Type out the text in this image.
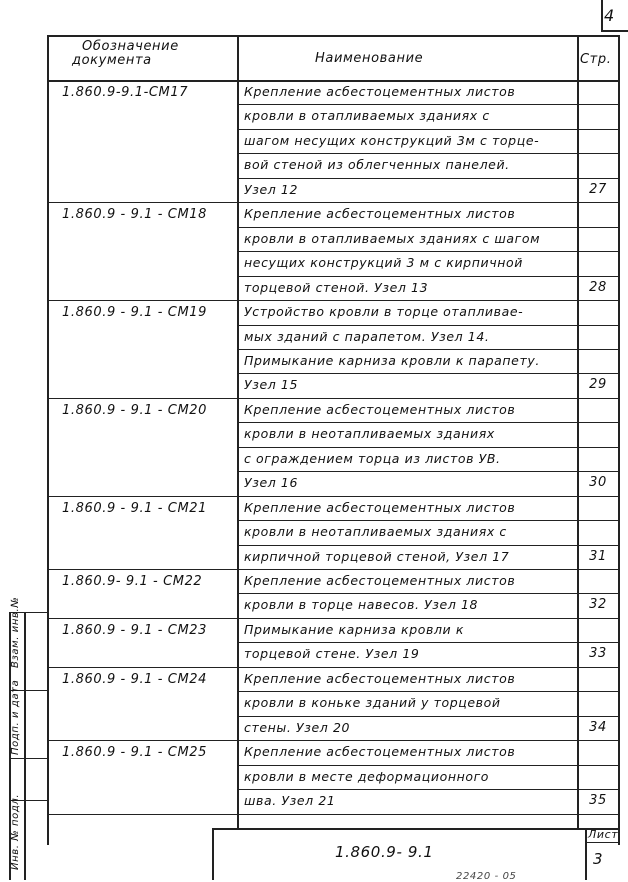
4
Обозначение
документа	Наименование	Стр.
1.860.9-9.1-СМ17	Крепление асбестоцементных листов
кровли в отапливаемых зданиях с
шагом несущих конструкций 3м с торце-
вой стеной из облегченных панелей.
Узел 12	27
1.860.9 - 9.1 - СМ18	Крепление асбестоцементных листов
кровли в отапливаемых зданиях с шагом
несущих конструкций 3 м с кирпичной
торцевой стеной. Узел 13	28
1.860.9 - 9.1 - СМ19	Устройство кровли в торце отапливае-
мых зданий с парапетом. Узел 14.
Примыкание карниза кровли к парапету.
Узел 15	29
1.860.9 - 9.1 - СМ20	Крепление асбестоцементных листов
кровли в неотапливаемых зданиях
с ограждением торца из листов УВ.
Узел 16	30
1.860.9 - 9.1 - СМ21	Крепление асбестоцементных листов
кровли в неотапливаемых зданиях с
кирпичной торцевой стеной, Узел 17	31
1.860.9- 9.1 - СМ22	Крепление асбестоцементных листов
кровли в торце навесов. Узел 18	32
1.860.9 - 9.1 - СМ23	Примыкание карниза кровли к
торцевой стене. Узел 19	33
1.860.9 - 9.1 - СМ24	Крепление асбестоцементных листов
кровли в коньке зданий у торцевой
стены. Узел 20	34
1.860.9 - 9.1 - СМ25	Крепление асбестоцементных листов
кровли в месте деформационного
шва. Узел 21	35
1.860.9- 9.1
Лист
3
Взам. инв.№
Подп. и дата
Инв. № подл.
22420 - 05
